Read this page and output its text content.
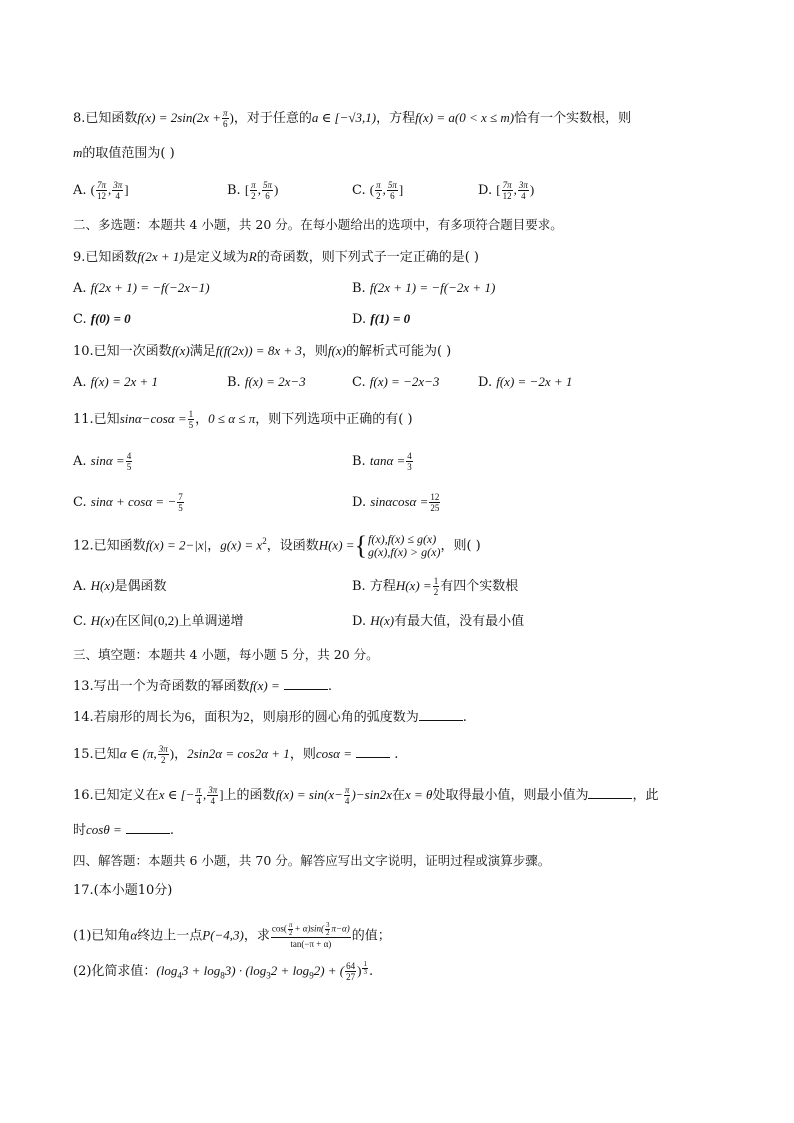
8.已知函数$f(x) = 2\sin(2x + \frac{\pi}{6}$ )，对于任意的a ∈ [−√3,1)，方程f(x) = a(0 < x ≤ m)恰有一个实数根，则
m的取值范围为( )
A. ( $\frac{7\pi}{12}$ , $\frac{3\pi}{4}$ ]	B. [ $\frac{\pi}{2}$ , $\frac{5\pi}{6}$ )	C. ( $\frac{\pi}{2}$ , $\frac{5\pi}{6}$ ]	D. [ $\frac{7\pi}{12}$ , $\frac{3\pi}{4}$ )
二、多选题：本题共 4 小题，共 20 分。在每小题给出的选项中，有多项符合题目要求。
9.已知函数f(2x + 1)是定义域为R的奇函数，则下列式子一定正确的是( )
A. f(2x + 1) = −f(−2x−1)	B. f(2x + 1) = −f(−2x + 1)
C. f(0) = 0	D. f(1) = 0
10.已知一次函数f(x)满足f(f(2x)) = 8x + 3，则f(x)的解析式可能为( )
A. f(x) = 2x + 1	B. f(x) = 2x−3	C. f(x) = −2x−3	D. f(x) = −2x + 1
11.已知$\sin\alpha-\cos\alpha = \frac{1}{5}$ ，0 ≤ α ≤ π，则下列选项中正确的有( )
A. $\sin\alpha = \frac{4}{5}$	B. $\tan\alpha = \frac{4}{3}$
C. sinα + cosα = − $\frac{7}{5}$	D. $\sin\alpha\cos\alpha = \frac{12}{25}$
12.已知函数f(x) = 2−|x|，$g(x) = x^2$，设函数H(x) ={ f(x),f(x) ≤ g(x)
g(x),f(x) > g(x) ，则( )
A. H(x)是偶函数	B. 方程$H(x) = \frac{1}{2}$ 有四个实数根
C. H(x)在区间(0,2)上单调递增	D. H(x)有最大值，没有最小值
三、填空题：本题共 4 小题，每小题 5 分，共 20 分。
13.写出一个为奇函数的幂函数f(x) =	.
14.若扇形的周长为6，面积为2，则扇形的圆心角的弧度数为	.
15.已知α ∈ (π, $\frac{3\pi}{2}$ )，2sin2α = cos2α + 1，则cosα =	.
16.已知定义在x ∈ [− $\frac{\pi}{4}$ , $\frac{3\pi}{4}$ ]上的函数$f(x) = \sin(x- \frac{\pi}{4} )-\sin 2x$在x = θ处取得最小值，则最小值为	，此
时cosθ =	.
四、解答题：本题共 6 小题，共 70 分。解答应写出文字说明，证明过程或演算步骤。
17.(本小题10分)
(1)已知角α终边上一点P(−4,3)，求 $\frac{\cos( \frac{\pi}{2} + \alpha)\sin( \frac{3}{2} \pi-\alpha)}{\tan(-\pi + \alpha)}$ 的值；
(2)化简求值：$(\log_43 + \log_83) \cdot (\log_32 + \log_92)$ + ( $\frac{64}{27}$ ) $\frac{1}{3}$ .
